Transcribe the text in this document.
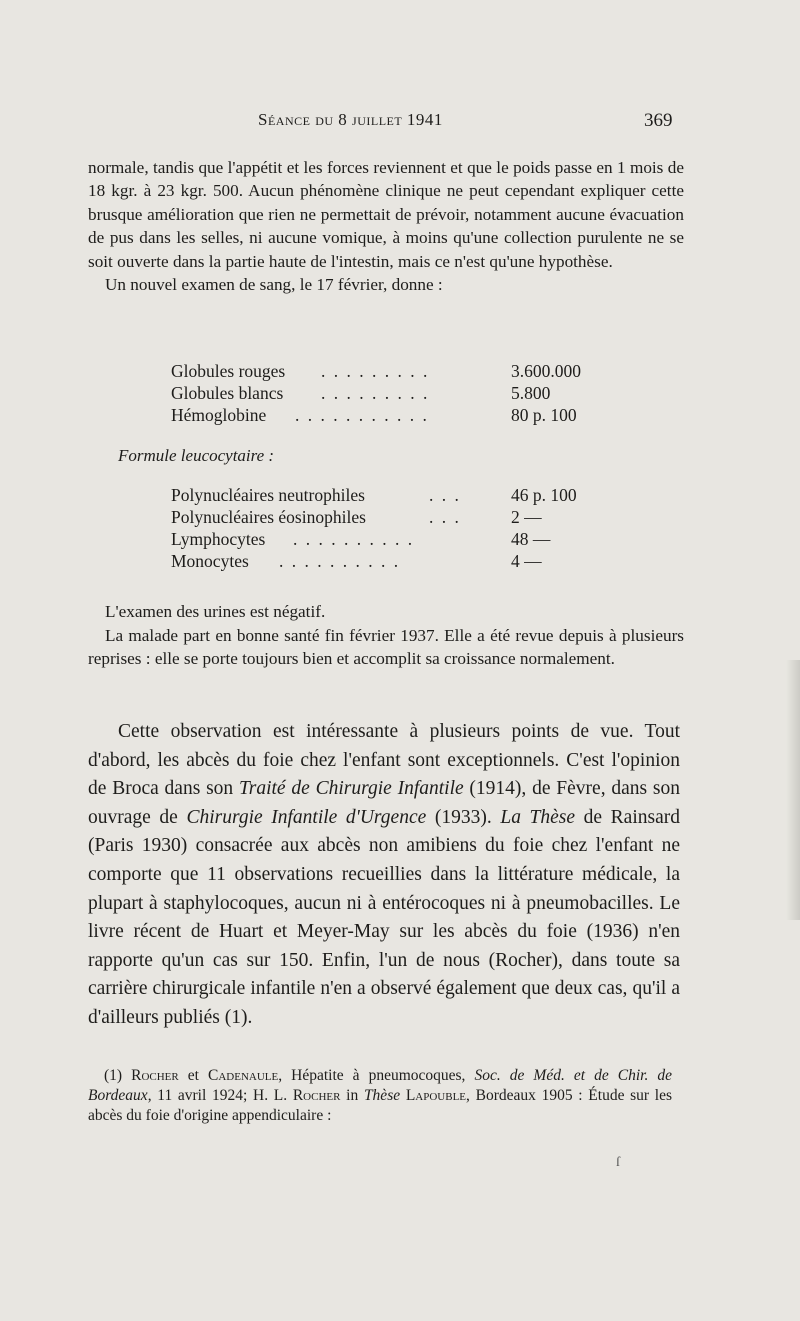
Séance du 8 juillet 1941	369

normale, tandis que l'appétit et les forces reviennent et que le poids passe en 1 mois de 18 kgr. à 23 kgr. 500. Aucun phénomène clinique ne peut cependant expliquer cette brusque amélioration que rien ne permettait de prévoir, notamment aucune évacuation de pus dans les selles, ni aucune vomique, à moins qu'une collection purulente ne se soit ouverte dans la partie haute de l'intestin, mais ce n'est qu'une hypothèse.

Un nouvel examen de sang, le 17 février, donne :

Globules rouges . . . . . . . . .	3.600.000
Globules blancs . . . . . . . . .	5.800
Hémoglobine . . . . . . . . . . .	80 p. 100
Formule leucocytaire :
Polynucléaires neutrophiles	. . .	46 p. 100
Polynucléaires éosinophiles	. . .	2 —
Lymphocytes . . . . . . . . . .	48 —
Monocytes . . . . . . . . . .	4 —

L'examen des urines est négatif.

La malade part en bonne santé fin février 1937. Elle a été revue depuis à plusieurs reprises : elle se porte toujours bien et accomplit sa croissance normalement.

Cette observation est intéressante à plusieurs points de vue. Tout d'abord, les abcès du foie chez l'enfant sont exceptionnels. C'est l'opinion de Broca dans son Traité de Chirurgie Infantile (1914), de Fèvre, dans son ouvrage de Chirurgie Infantile d'Urgence (1933). La Thèse de Rainsard (Paris 1930) consacrée aux abcès non amibiens du foie chez l'enfant ne comporte que 11 observations recueillies dans la littérature médicale, la plupart à staphylocoques, aucun ni à entérocoques ni à pneumobacilles. Le livre récent de Huart et Meyer-May sur les abcès du foie (1936) n'en rapporte qu'un cas sur 150. Enfin, l'un de nous (Rocher), dans toute sa carrière chirurgicale infantile n'en a observé également que deux cas, qu'il a d'ailleurs publiés (1).

(1) Rocher et Cadenaule, Hépatite à pneumocoques, Soc. de Méd. et de Chir. de Bordeaux, 11 avril 1924; H. L. Rocher in Thèse Lapouble, Bordeaux 1905 : Étude sur les abcès du foie d'origine appendiculaire :

ſ
